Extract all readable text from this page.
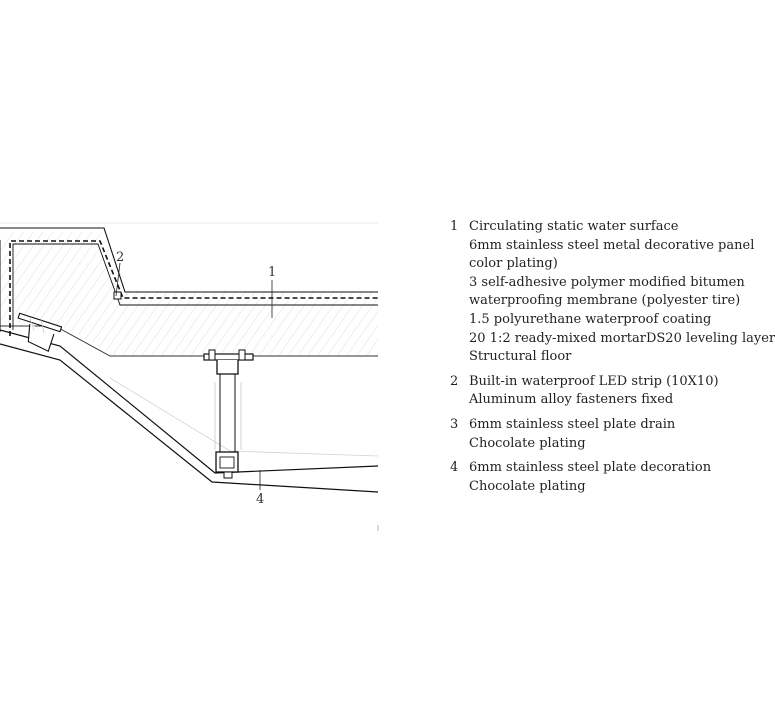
1
2
4
1 Circulating static water surface
6mm stainless steel metal decorative panel
color plating)
3 self-adhesive polymer modified bitumen
waterproofing membrane (polyester tire)
1.5 polyurethane waterproof coating
20 1:2 ready-mixed mortarDS20 leveling layer
Structural floor
2 Built-in waterproof LED strip (10X10)
Aluminum alloy fasteners fixed
3 6mm stainless steel plate drain
Chocolate plating
4 6mm stainless steel plate decoration
Chocolate plating
